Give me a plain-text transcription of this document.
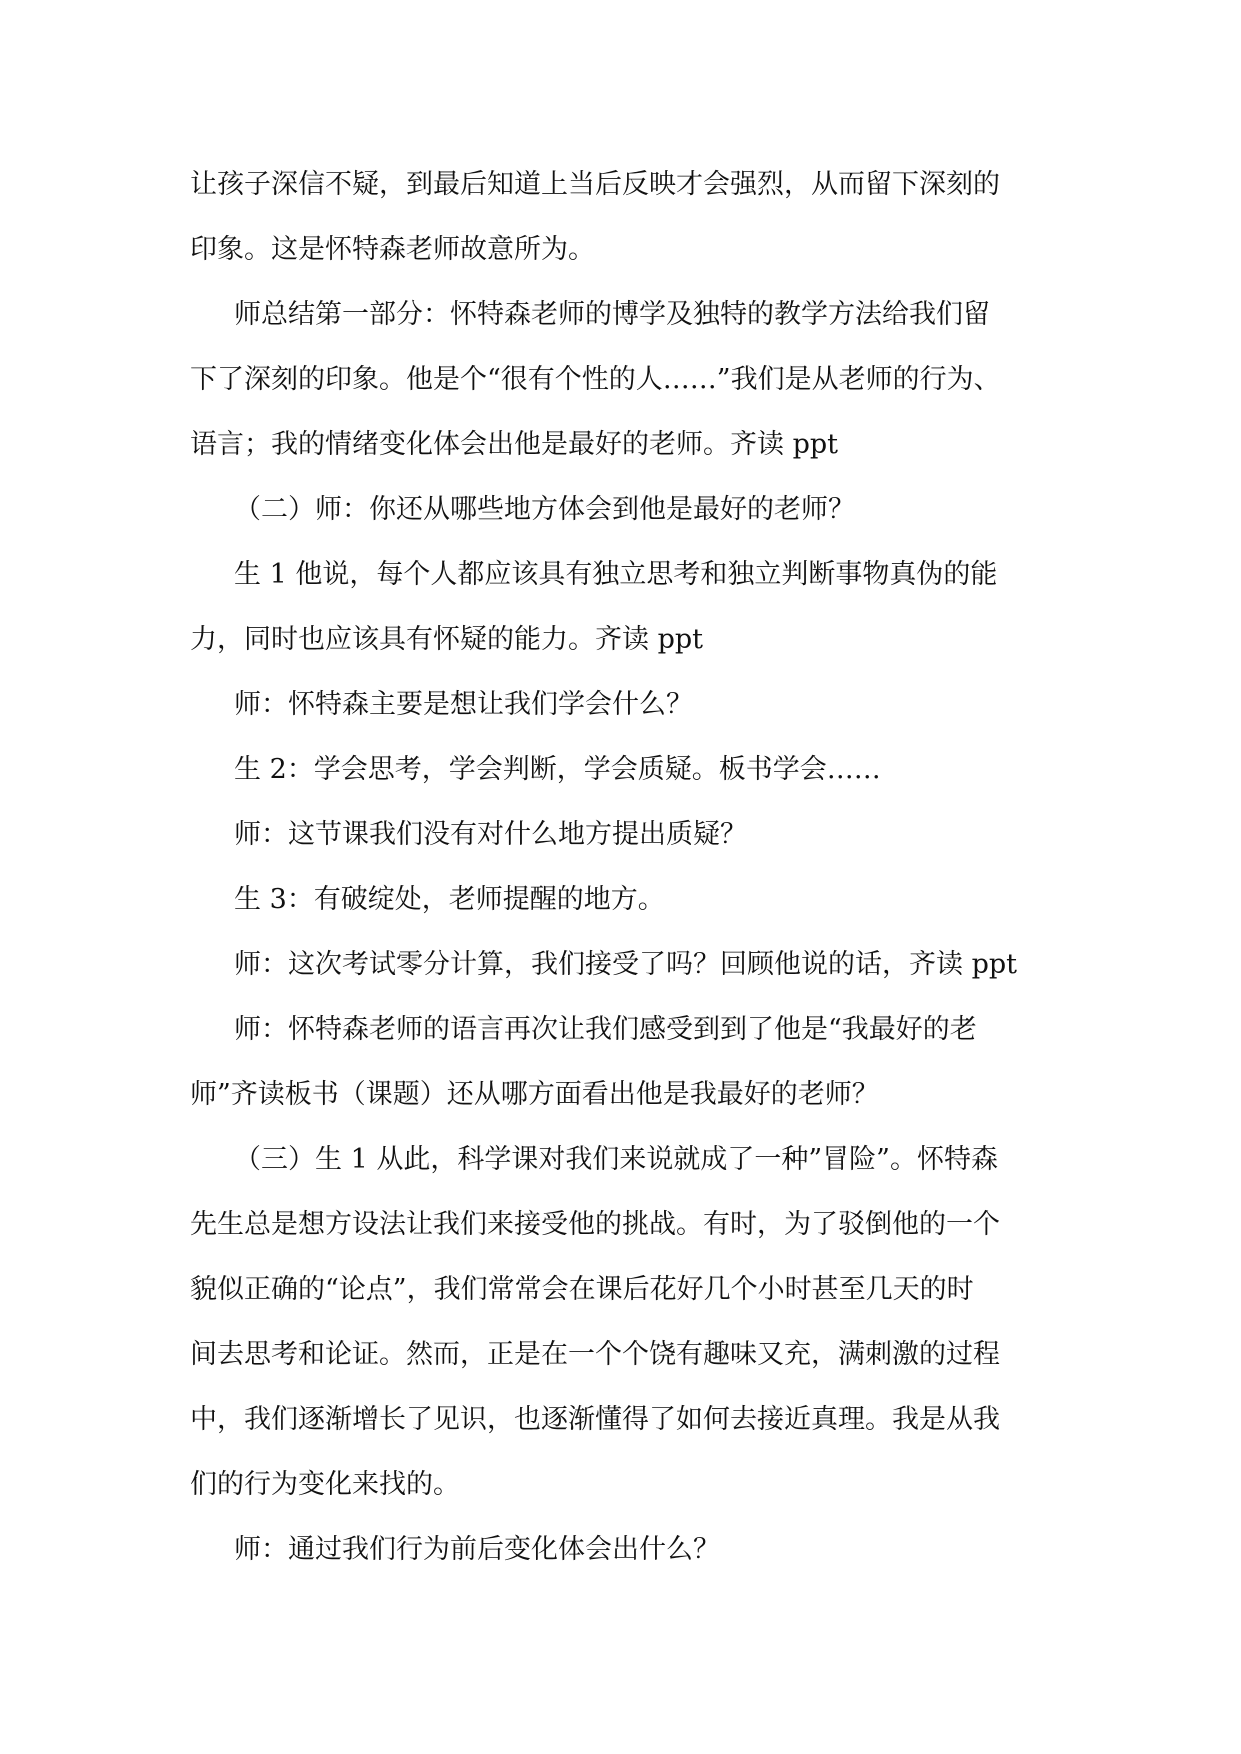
让孩子深信不疑，到最后知道上当后反映才会强烈，从而留下深刻的

印象。这是怀特森老师故意所为。

师总结第一部分：怀特森老师的博学及独特的教学方法给我们留

下了深刻的印象。他是个“很有个性的人……”我们是从老师的行为、

语言；我的情绪变化体会出他是最好的老师。齐读 ppt

（二）师：你还从哪些地方体会到他是最好的老师？

生 1 他说，每个人都应该具有独立思考和独立判断事物真伪的能

力，同时也应该具有怀疑的能力。齐读 ppt

师：怀特森主要是想让我们学会什么？

生 2：学会思考，学会判断，学会质疑。板书学会……

师：这节课我们没有对什么地方提出质疑？

生 3：有破绽处，老师提醒的地方。

师：这次考试零分计算，我们接受了吗？回顾他说的话，齐读 ppt

师：怀特森老师的语言再次让我们感受到到了他是“我最好的老

师”齐读板书（课题）还从哪方面看出他是我最好的老师？

（三）生 1 从此，科学课对我们来说就成了一种”冒险”。怀特森

先生总是想方设法让我们来接受他的挑战。有时，为了驳倒他的一个

貌似正确的“论点”，我们常常会在课后花好几个小时甚至几天的时

间去思考和论证。然而，正是在一个个饶有趣味又充，满刺激的过程

中，我们逐渐增长了见识，也逐渐懂得了如何去接近真理。我是从我

们的行为变化来找的。

师：通过我们行为前后变化体会出什么？
